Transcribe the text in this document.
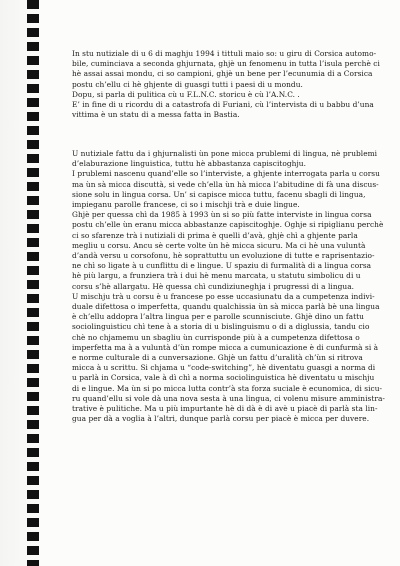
In stu nutiziale di u 6 di maghju 1994 i tittuli maio so: u giru di Corsica automo-
bile, cuminciava a seconda ghjurnata, ghjè un fenomenu in tutta l’isula perchè ci
hè assai assai mondu, ci so campioni, ghjè un bene per l’ecunumia di a Corsica
postu ch’ellu ci hè ghjente di guasgi tutti i paesi di u mondu.
Dopu, si parla di pulitica cù u F.L.N.C. storicu è cù l’A.N.C. .
E’ in fine di u ricordu di a catastrofa di Furiani, cù l’intervista di u babbu d’una
vittima è un statu di a messa fatta in Bastia.
U nutiziale fattu da i ghjurnalisti ùn pone micca prublemi di lingua, nè prublemi
d’elaburazione linguistica, tuttu hè abbastanza capiscitoghju.
I prublemi nascenu quand’elle so l’interviste, a ghjente interrogata parla u corsu
ma ùn sà micca discuttà, si vede ch’ella ùn hà micca l’abitudine di fà una discus-
sione solu in lingua corsa. Un’ si capisce micca tuttu, facenu sbagli di lingua,
impieganu parolle francese, ci so i mischji trà e duie lingue.
Ghjè per quessa chì da 1985 à 1993 ùn si so più fatte interviste in lingua corsa
postu ch’elle ùn eranu micca abbastanze capiscitoghje. Oghje si ripiglianu perchè
ci so sfarenze trà i nutiziali di prima è quelli d’avà, ghjè chì a ghjente parla
megliu u corsu. Ancu sè certe volte ùn hè micca sicuru. Ma ci hè una vuluntà
d’andà versu u corsofonu, hè soprattuttu un evoluzione di tutte e raprisentazio-
ne chì so ligate à u cunflittu di e lingue. U spaziu di furmalità di a lingua corsa
hè più largu, a frunziera trà i dui hè menu marcata, u statutu simbolicu di u
corsu s’hè allargatu. Hè quessa chì cundiziuneghja i prugressi di a lingua.
U mischju trà u corsu è u francese po esse uccasiunatu da a cumpetenza indivi-
duale difettosa o imperfetta, quandu qualchissia ùn sà micca parlà bè una lingua
è ch’ellu addopra l’altra lingua per e parolle scunnisciute. Ghjè dino un fattu
sociolinguisticu chì tene à a storia di u bislinguismu o di a diglussia, tandu cio
chè no chjamemu un sbagliu ùn currisponde più à a cumpetenza difettosa o
imperfetta ma à a vuluntà d’ùn rompe micca a cumunicazione è di cunfurmà si à
e norme culturale di a cunversazione. Ghjè un fattu d’uralità ch’ùn si ritrova
micca à u scrittu. Si chjama u “code-switching”, hè diventatu guasgi a norma di
u parlà in Corsica, vale à dì chì a norma sociolinguistica hè diventatu u mischju
di e lingue. Ma ùn si po micca lutta contr’à sta forza suciale è ecunomica, di sicu-
ru quand’ellu si vole dà una nova sesta à una lingua, ci volenu misure amministra-
trative è pulitiche. Ma u più impurtante hè di dà è di avè u piacè di parlà sta lin-
gua per dà a voglia à l’altri, dunque parlà corsu per piacè è micca per duvere.
